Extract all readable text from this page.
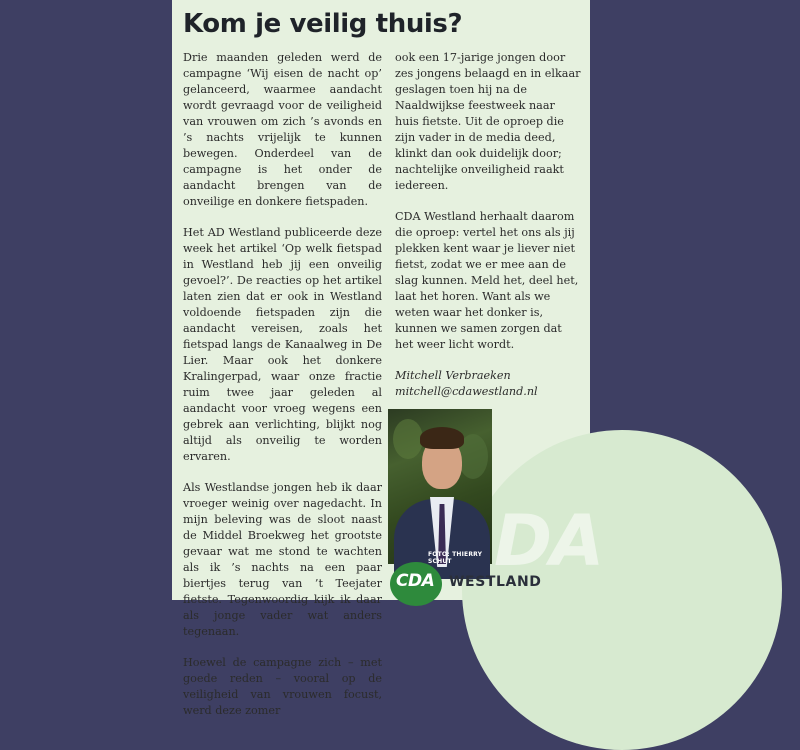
DA
Kom je veilig thuis?

Drie maanden geleden werd de campagne ‘Wij eisen de nacht op’ gelanceerd, waarmee aandacht wordt gevraagd voor de veiligheid van vrouwen om zich ’s avonds en ’s nachts vrijelijk te kunnen bewegen. Onderdeel van de campagne is het onder de aandacht brengen van de onveilige en donkere fietspaden.

Het AD Westland publiceerde deze week het artikel ‘Op welk fietspad in Westland heb jij een onveilig gevoel?’. De reacties op het artikel laten zien dat er ook in Westland voldoende fietspaden zijn die aandacht vereisen, zoals het fietspad langs de Kanaalweg in De Lier. Maar ook het donkere Kralingerpad, waar onze fractie ruim twee jaar geleden al aandacht voor vroeg wegens een gebrek aan verlichting, blijkt nog altijd als onveilig te worden ervaren.

Als Westlandse jongen heb ik daar vroeger weinig over nagedacht. In mijn beleving was de sloot naast de Middel Broekweg het grootste gevaar wat me stond te wachten als ik ’s nachts na een paar biertjes terug van ’t Teejater fietste. Tegenwoordig kijk ik daar als jonge vader wat anders tegenaan.

Hoewel de campagne zich – met goede reden – vooral op de veiligheid van vrouwen focust, werd deze zomer

ook een 17-jarige jongen door zes jongens belaagd en in elkaar geslagen toen hij na de Naaldwijkse feestweek naar huis fietste. Uit de oproep die zijn vader in de media deed, klinkt dan ook duidelijk door; nachtelijke onveiligheid raakt iedereen.

CDA Westland herhaalt daarom die oproep: vertel het ons als jij plekken kent waar je liever niet fietst, zodat we er mee aan de slag kunnen. Meld het, deel het, laat het horen. Want als we weten waar het donker is, kunnen we samen zorgen dat het weer licht wordt.

Mitchell Verbraeken
mitchell@cdawestland.nl

FOTO: THIERRY SCHUT
CDA WESTLAND
